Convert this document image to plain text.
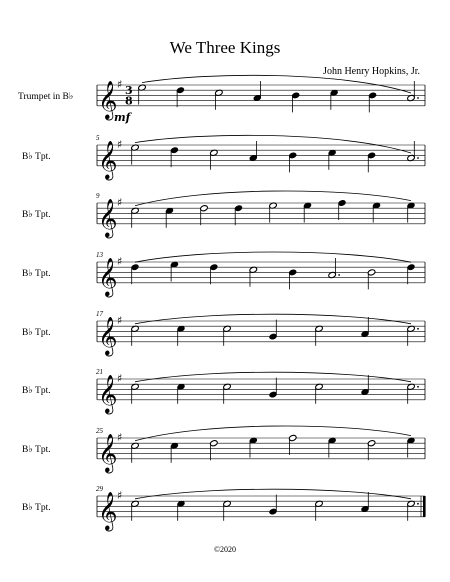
We Three Kings
John Henry Hopkins, Jr.
©2020
𝄞 ♯
Trumpet in B♭	3
8
mf
𝄞 ♯
B♭ Tpt.
5
𝄞 ♯
B♭ Tpt.
9
𝄞 ♯
B♭ Tpt.
13
𝄞 ♯
B♭ Tpt.
17
𝄞 ♯
B♭ Tpt.
21
𝄞 ♯
B♭ Tpt.
25
𝄞 ♯
B♭ Tpt.
29
